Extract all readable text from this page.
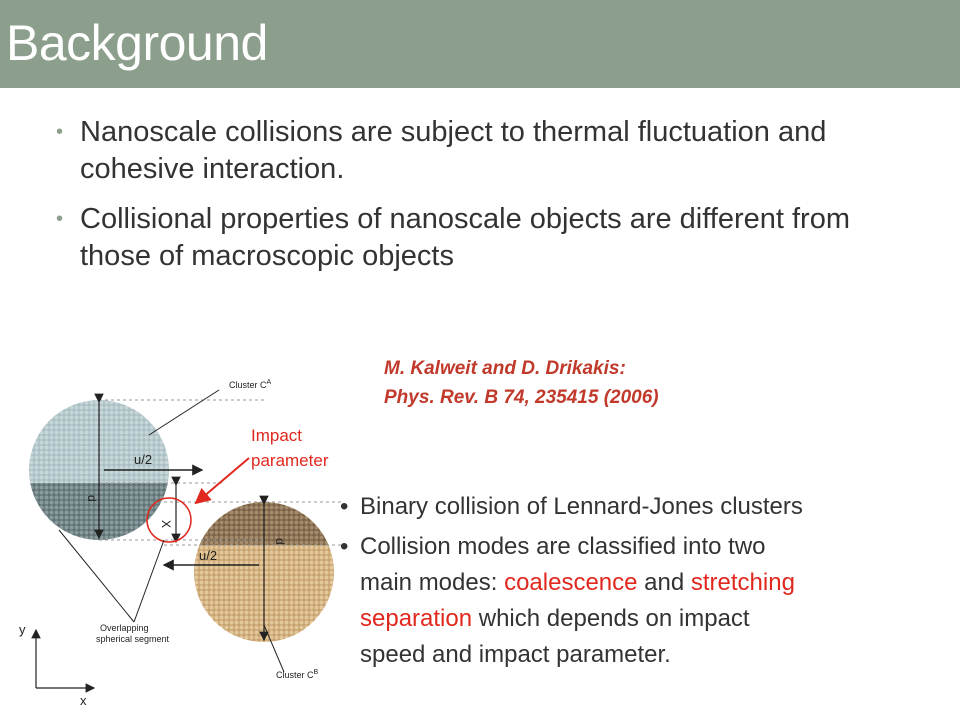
Background
• Nanoscale collisions are subject to thermal fluctuation and cohesive interaction.
• Collisional properties of nanoscale objects are different from those of macroscopic objects
M. Kalweit and D. Drikakis:
Phys. Rev. B 74, 235415 (2006)
Impact
parameter
Cluster $C^A$
Cluster $C^B$
u/2
u/2
d
d
X
Overlapping
spherical segment
y
x
• Binary collision of Lennard-Jones clusters
• Collision modes are classified into two
main modes: coalescence and stretching
separation which depends on impact
speed and impact parameter.
